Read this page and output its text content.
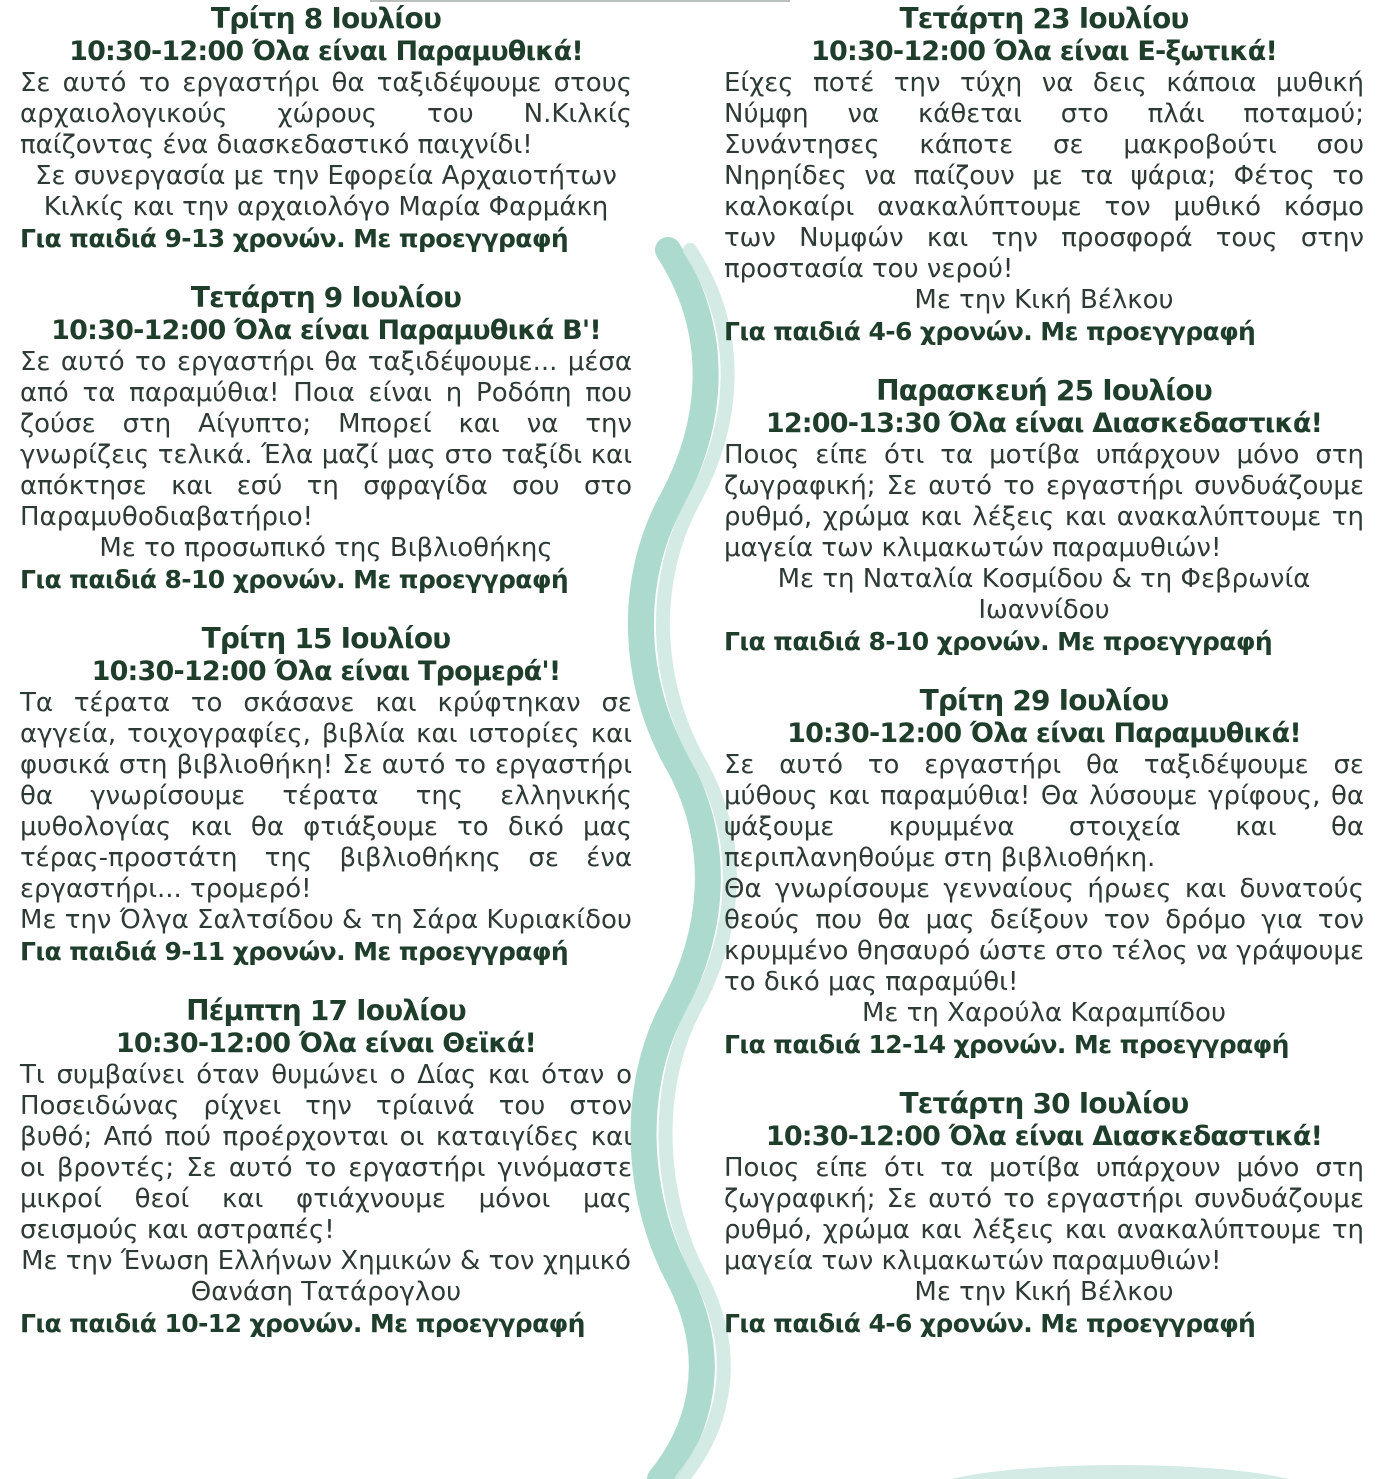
Τρίτη 8 Ιουλίου
10:30-12:00 Όλα είναι Παραμυθικά!

Σε αυτό το εργαστήρι θα ταξιδέψουμε στους αρχαιολογικούς χώρους του Ν.Κιλκίς παίζοντας ένα διασκεδαστικό παιχνίδι!

Σε συνεργασία με την Εφορεία Αρχαιοτήτων Κιλκίς και την αρχαιολόγο Μαρία Φαρμάκη
Για παιδιά 9-13 χρονών. Με προεγγραφή
Τετάρτη 9 Ιουλίου
10:30-12:00 Όλα είναι Παραμυθικά Β'!

Σε αυτό το εργαστήρι θα ταξιδέψουμε... μέσα από τα παραμύθια! Ποια είναι η Ροδόπη που ζούσε στη Αίγυπτο; Μπορεί και να την γνωρίζεις τελικά. Έλα μαζί μας στο ταξίδι και απόκτησε και εσύ τη σφραγίδα σου στο Παραμυθοδιαβατήριο!

Με το προσωπικό της Βιβλιοθήκης
Για παιδιά 8-10 χρονών. Με προεγγραφή
Τρίτη 15 Ιουλίου
10:30-12:00 Όλα είναι Τρομερά'!

Τα τέρατα το σκάσανε και κρύφτηκαν σε αγγεία, τοιχογραφίες, βιβλία και ιστορίες και φυσικά στη βιβλιοθήκη! Σε αυτό το εργαστήρι θα γνωρίσουμε τέρατα της ελληνικής μυθολογίας και θα φτιάξουμε το δικό μας τέρας-προστάτη της βιβλιοθήκης σε ένα εργαστήρι... τρομερό!

Με την Όλγα Σαλτσίδου & τη Σάρα Κυριακίδου
Για παιδιά 9-11 χρονών. Με προεγγραφή
Πέμπτη 17 Ιουλίου
10:30-12:00 Όλα είναι Θεϊκά!

Τι συμβαίνει όταν θυμώνει ο Δίας και όταν ο Ποσειδώνας ρίχνει την τρίαινά του στον βυθό; Από πού προέρχονται οι καταιγίδες και οι βροντές; Σε αυτό το εργαστήρι γινόμαστε μικροί θεοί και φτιάχνουμε μόνοι μας σεισμούς και αστραπές!

Με την Ένωση Ελλήνων Χημικών & τον χημικό Θανάση Τατάρογλου
Για παιδιά 10-12 χρονών. Με προεγγραφή
Τετάρτη 23 Ιουλίου
10:30-12:00 Όλα είναι Ε-ξωτικά!

Είχες ποτέ την τύχη να δεις κάποια μυθική Νύμφη να κάθεται στο πλάι ποταμού; Συνάντησες κάποτε σε μακροβούτι σου Νηρηίδες να παίζουν με τα ψάρια; Φέτος το καλοκαίρι ανακαλύπτουμε τον μυθικό κόσμο των Νυμφών και την προσφορά τους στην προστασία του νερού!

Με την Κική Βέλκου
Για παιδιά 4-6 χρονών. Με προεγγραφή
Παρασκευή 25 Ιουλίου
12:00-13:30 Όλα είναι Διασκεδαστικά!

Ποιος είπε ότι τα μοτίβα υπάρχουν μόνο στη ζωγραφική; Σε αυτό το εργαστήρι συνδυάζουμε ρυθμό, χρώμα και λέξεις και ανακαλύπτουμε τη μαγεία των κλιμακωτών παραμυθιών!

Με τη Ναταλία Κοσμίδου & τη Φεβρωνία Ιωαννίδου
Για παιδιά 8-10 χρονών. Με προεγγραφή
Τρίτη 29 Ιουλίου
10:30-12:00 Όλα είναι Παραμυθικά!

Σε αυτό το εργαστήρι θα ταξιδέψουμε σε μύθους και παραμύθια! Θα λύσουμε γρίφους, θα ψάξουμε κρυμμένα στοιχεία και θα περιπλανηθούμε στη βιβλιοθήκη.

Θα γνωρίσουμε γενναίους ήρωες και δυνατούς θεούς που θα μας δείξουν τον δρόμο για τον κρυμμένο θησαυρό ώστε στο τέλος να γράψουμε το δικό μας παραμύθι!

Με τη Χαρούλα Καραμπίδου
Για παιδιά 12-14 χρονών. Με προεγγραφή
Τετάρτη 30 Ιουλίου
10:30-12:00 Όλα είναι Διασκεδαστικά!

Ποιος είπε ότι τα μοτίβα υπάρχουν μόνο στη ζωγραφική; Σε αυτό το εργαστήρι συνδυάζουμε ρυθμό, χρώμα και λέξεις και ανακαλύπτουμε τη μαγεία των κλιμακωτών παραμυθιών!

Με την Κική Βέλκου
Για παιδιά 4-6 χρονών. Με προεγγραφή
